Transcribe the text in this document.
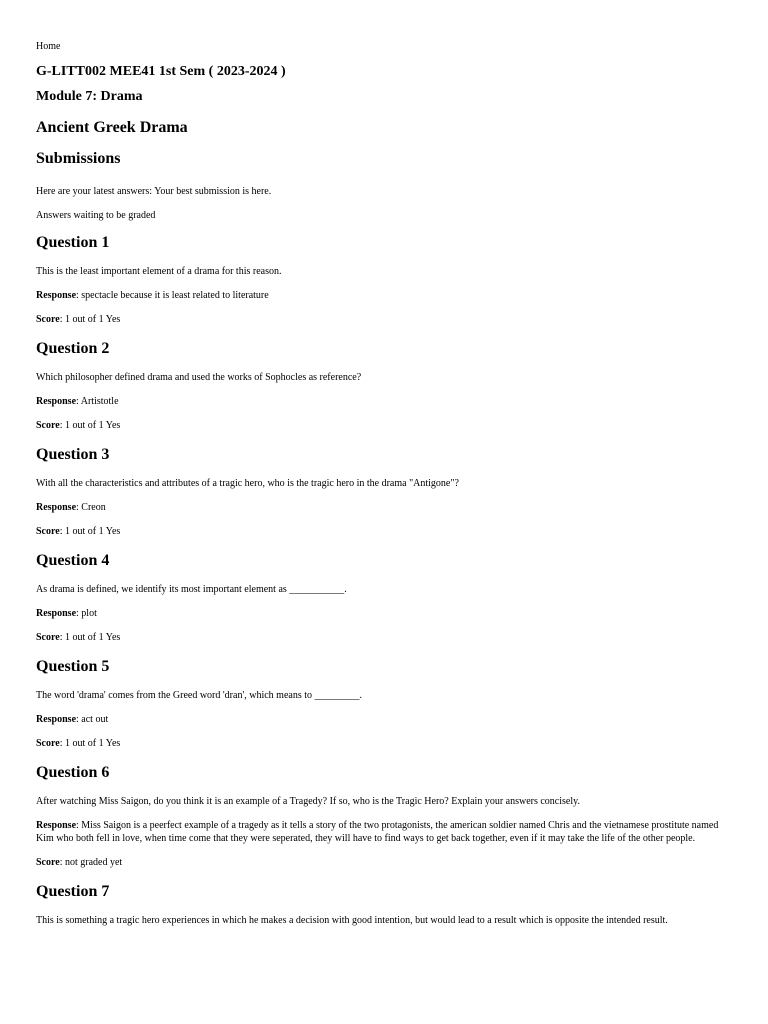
Home
G-LITT002 MEE41 1st Sem ( 2023-2024 )
Module 7: Drama
Ancient Greek Drama
Submissions

Here are your latest answers: Your best submission is here.

Answers waiting to be graded

Question 1

This is the least important element of a drama for this reason.

Response: spectacle because it is least related to literature

Score: 1 out of 1 Yes

Question 2

Which philosopher defined drama and used the works of Sophocles as reference?

Response: Artistotle

Score: 1 out of 1 Yes

Question 3

With all the characteristics and attributes of a tragic hero, who is the tragic hero in the drama "Antigone"?

Response: Creon

Score: 1 out of 1 Yes

Question 4

As drama is defined, we identify its most important element as ___________.

Response: plot

Score: 1 out of 1 Yes

Question 5

The word 'drama' comes from the Greed word 'dran', which means to _________.

Response: act out

Score: 1 out of 1 Yes

Question 6

After watching Miss Saigon, do you think it is an example of a Tragedy? If so, who is the Tragic Hero? Explain your answers concisely.

Response: Miss Saigon is a peerfect example of a tragedy as it tells a story of the two protagonists, the american soldier named Chris and the vietnamese prostitute named Kim who both fell in love, when time come that they were seperated, they will have to find ways to get back together, even if it may take the life of the other people.

Score: not graded yet

Question 7

This is something a tragic hero experiences in which he makes a decision with good intention, but would lead to a result which is opposite the intended result.
